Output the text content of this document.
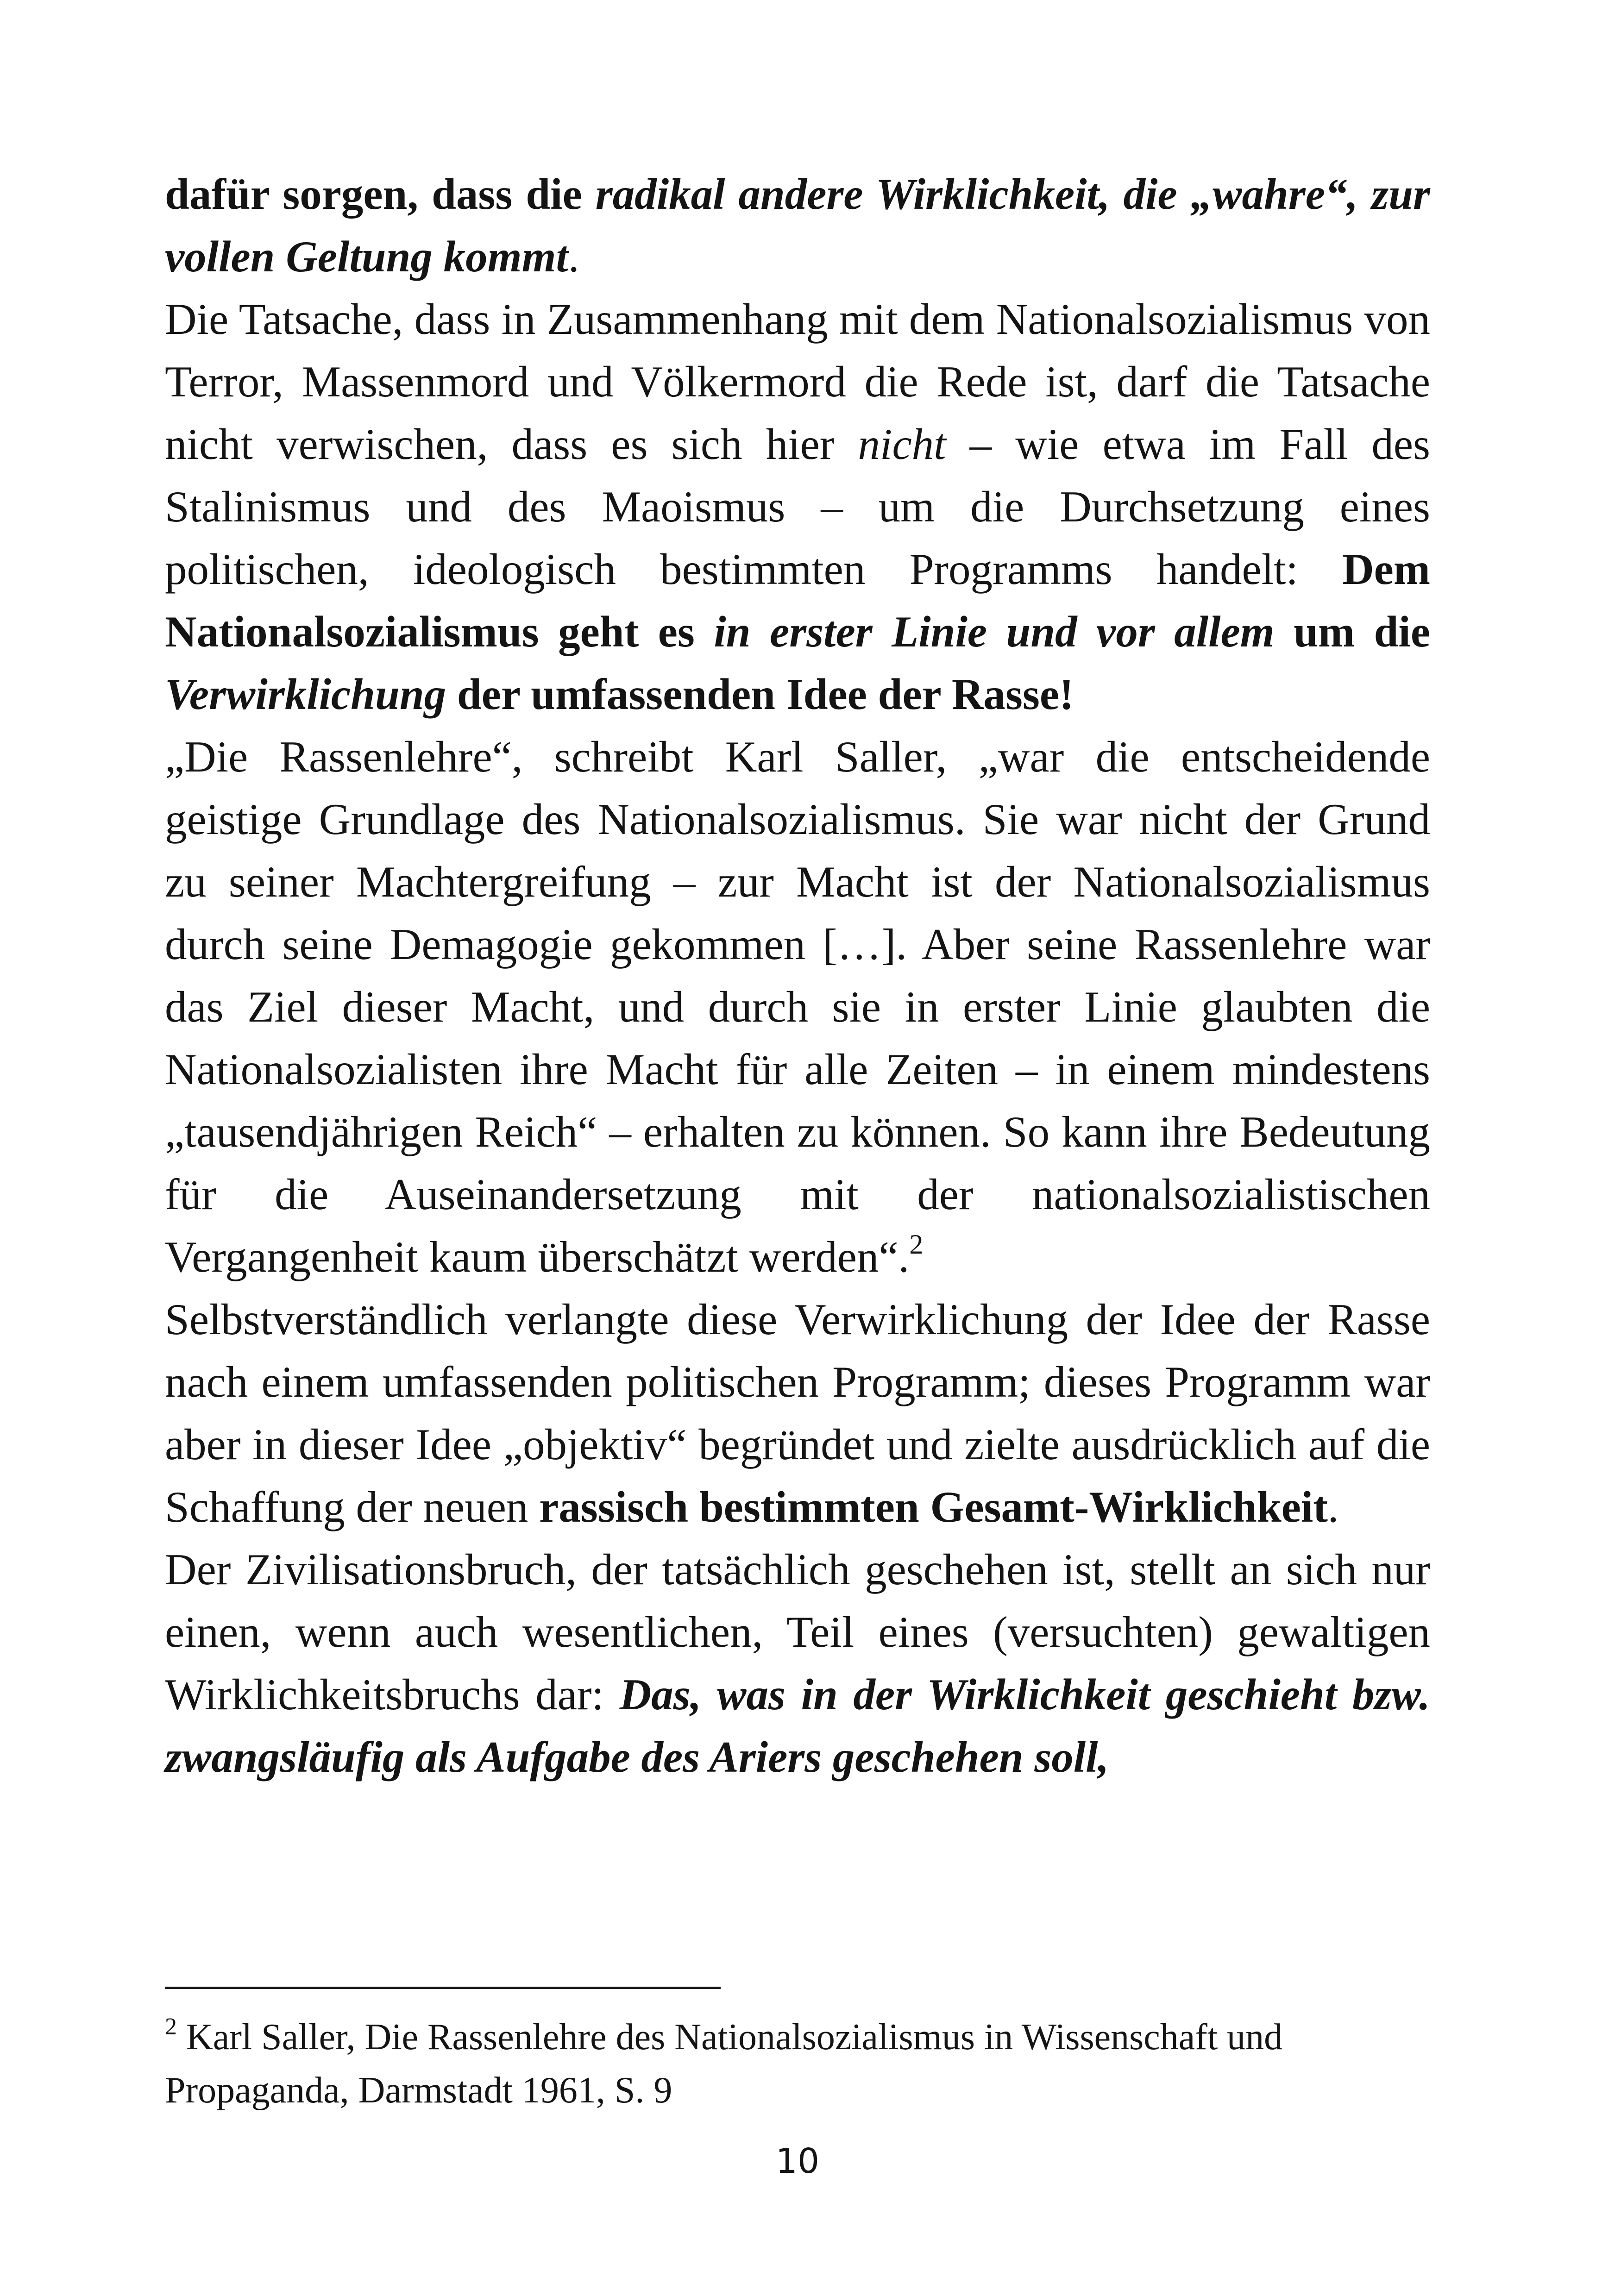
dafür sorgen, dass die radikal andere Wirklichkeit, die „wahre“, zur vollen Geltung kommt.

Die Tatsache, dass in Zusammenhang mit dem Nationalsozialismus von Terror, Massenmord und Völkermord die Rede ist, darf die Tatsache nicht verwischen, dass es sich hier nicht – wie etwa im Fall des Stalinismus und des Maoismus – um die Durchsetzung eines politischen, ideologisch bestimmten Programms handelt: Dem Nationalsozialismus geht es in erster Linie und vor allem um die Verwirklichung der umfassenden Idee der Rasse!

„Die Rassenlehre“, schreibt Karl Saller, „war die entscheidende geistige Grundlage des Nationalsozialismus. Sie war nicht der Grund zu seiner Machtergreifung – zur Macht ist der Nationalsozialismus durch seine Demagogie gekommen […]. Aber seine Rassenlehre war das Ziel dieser Macht, und durch sie in erster Linie glaubten die Nationalsozialisten ihre Macht für alle Zeiten – in einem mindestens „tausendjährigen Reich“ – erhalten zu können. So kann ihre Bedeutung für die Auseinandersetzung mit der nationalsozialistischen Vergangenheit kaum überschätzt werden“.$^2$

Selbstverständlich verlangte diese Verwirklichung der Idee der Rasse nach einem umfassenden politischen Programm; dieses Programm war aber in dieser Idee „objektiv“ begründet und zielte ausdrücklich auf die Schaffung der neuen rassisch bestimmten Gesamt-Wirklichkeit.

Der Zivilisationsbruch, der tatsächlich geschehen ist, stellt an sich nur einen, wenn auch wesentlichen, Teil eines (versuchten) gewaltigen Wirklichkeitsbruchs dar: Das, was in der Wirklichkeit geschieht bzw. zwangsläufig als Aufgabe des Ariers geschehen soll,

$^2$ Karl Saller, Die Rassenlehre des Nationalsozialismus in Wissenschaft und Propaganda, Darmstadt 1961, S. 9
10
